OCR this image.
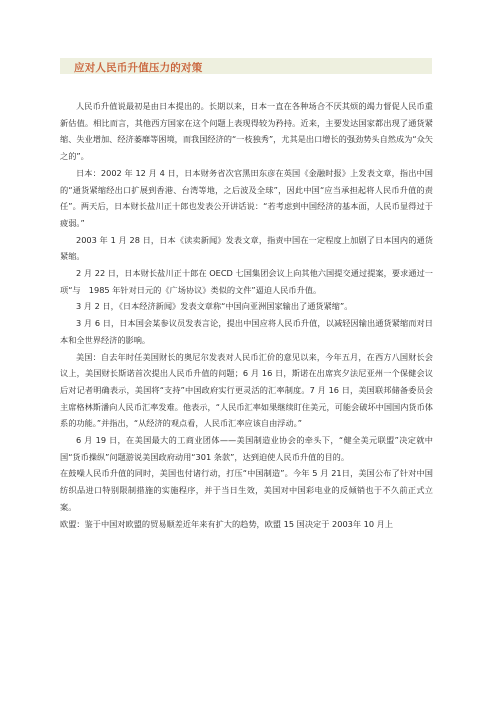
应对人民币升值压力的对策

人民币升值说最初是由日本提出的。长期以来，日本一直在各种场合不厌其烦的竭力督促人民币重新估值。相比而言，其他西方国家在这个问题上表现得较为矜持。近来，主要发达国家都出现了通货紧缩、失业增加、经济萎靡等困境，而我国经济的“一枝独秀”，尤其是出口增长的强劲势头自然成为“众矢之的”。

日本：2002 年 12 月 4 日，日本财务省次官黑田东彦在英国《金融时报》上发表文章，指出中国的“通货紧缩经出口扩展到香港、台湾等地，之后波及全球”，因此中国“应当承担起将人民币升值的责任”。两天后，日本财长盐川正十郎也发表公开讲话说：“若考虑到中国经济的基本面，人民币显得过于疲弱。”

2003 年 1 月 28 日，日本《读卖新闻》发表文章，指责中国在一定程度上加剧了日本国内的通货紧缩。

2 月 22 日，日本财长盐川正十郎在 OECD 七国集团会议上向其他六国提交通过提案，要求通过一项“与　1985 年针对日元的《广场协议》类似的文件”逼迫人民币升值。

3 月 2 日，《日本经济新闻》发表文章称“中国向亚洲国家输出了通货紧缩”。

3 月 6 日，日本国会某参议员发表言论，提出中国应将人民币升值，以减轻因输出通货紧缩而对日本和全世界经济的影响。

美国：自去年时任美国财长的奥尼尔发表对人民币汇价的意见以来，今年五月，在西方八国财长会议上，美国财长斯诺首次提出人民币升值的问题；6 月 16 日，斯诺在出席宾夕法尼亚州一个保健会议后对记者明确表示，美国将“支持”中国政府实行更灵活的汇率制度。7 月 16 日，美国联邦储备委员会主席格林斯潘向人民币汇率发难。他表示，“人民币汇率如果继续盯住美元，可能会破坏中国国内货币体系的功能。”并指出，“从经济的观点看，人民币汇率应该自由浮动。”

6 月 19 日，在美国最大的工商业团体——美国制造业协会的牵头下，“健全美元联盟”决定就中国“货币操纵”问题游说美国政府动用“301 条款”，达到迫使人民币升值的目的。

在鼓噪人民币升值的同时，美国也付诸行动，打压“中国制造”。今年 5 月 21日，美国公布了针对中国纺织品进口特别限制措施的实施程序，并于当日生效，美国对中国彩电业的反倾销也于不久前正式立案。

欧盟：鉴于中国对欧盟的贸易顺差近年来有扩大的趋势，欧盟 15 国决定于 2003年 10 月上
